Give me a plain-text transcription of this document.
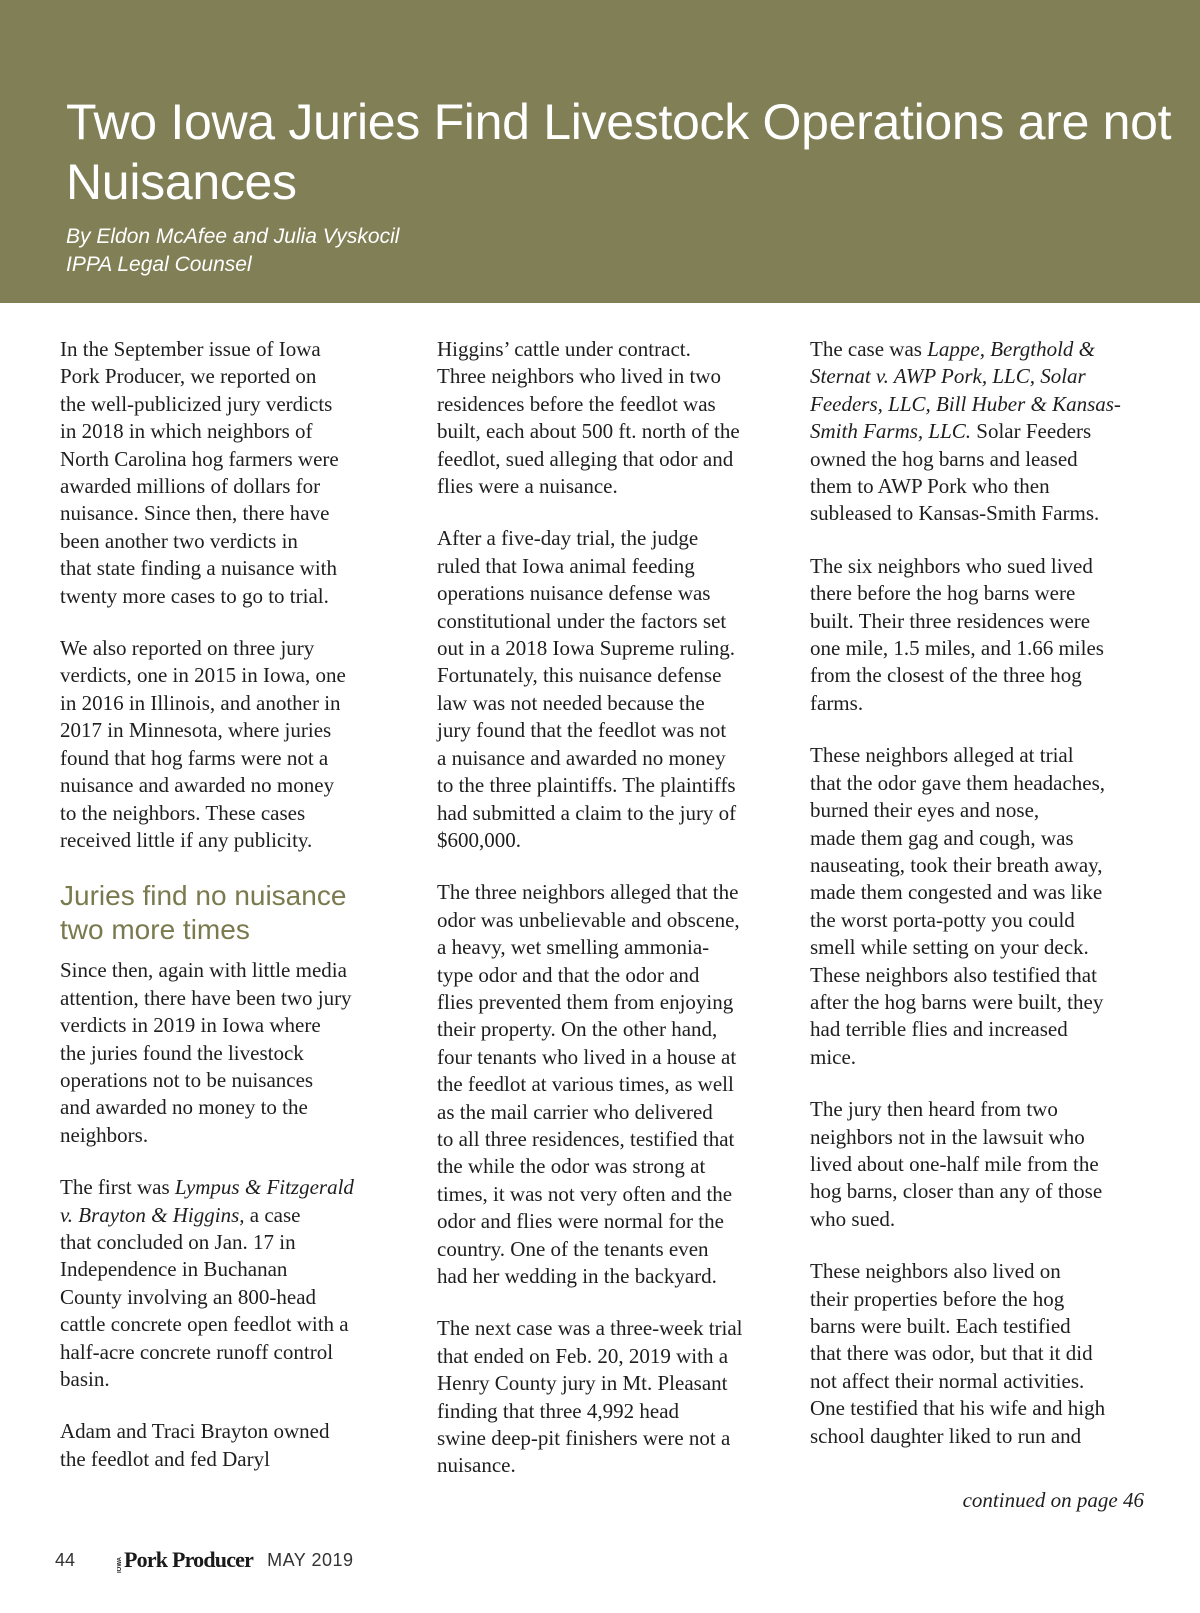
Two Iowa Juries Find Livestock Operations are not Nuisances
By Eldon McAfee and Julia Vyskocil
IPPA Legal Counsel

In the September issue of Iowa
Pork Producer, we reported on
the well-publicized jury verdicts
in 2018 in which neighbors of
North Carolina hog farmers were
awarded millions of dollars for
nuisance. Since then, there have
been another two verdicts in
that state finding a nuisance with
twenty more cases to go to trial.

We also reported on three jury
verdicts, one in 2015 in Iowa, one
in 2016 in Illinois, and another in
2017 in Minnesota, where juries
found that hog farms were not a
nuisance and awarded no money
to the neighbors. These cases
received little if any publicity.

Juries find no nuisance
two more times

Since then, again with little media
attention, there have been two jury
verdicts in 2019 in Iowa where
the juries found the livestock
operations not to be nuisances
and awarded no money to the
neighbors.

The first was Lympus & Fitzgerald
v. Brayton & Higgins, a case
that concluded on Jan. 17 in
Independence in Buchanan
County involving an 800-head
cattle concrete open feedlot with a
half-acre concrete runoff control
basin.

Adam and Traci Brayton owned
the feedlot and fed Daryl

Higgins’ cattle under contract.
Three neighbors who lived in two
residences before the feedlot was
built, each about 500 ft. north of the
feedlot, sued alleging that odor and
flies were a nuisance.

After a five-day trial, the judge
ruled that Iowa animal feeding
operations nuisance defense was
constitutional under the factors set
out in a 2018 Iowa Supreme ruling.
Fortunately, this nuisance defense
law was not needed because the
jury found that the feedlot was not
a nuisance and awarded no money
to the three plaintiffs. The plaintiffs
had submitted a claim to the jury of
$600,000.

The three neighbors alleged that the
odor was unbelievable and obscene,
a heavy, wet smelling ammonia-
type odor and that the odor and
flies prevented them from enjoying
their property. On the other hand,
four tenants who lived in a house at
the feedlot at various times, as well
as the mail carrier who delivered
to all three residences, testified that
the while the odor was strong at
times, it was not very often and the
odor and flies were normal for the
country. One of the tenants even
had her wedding in the backyard.

The next case was a three-week trial
that ended on Feb. 20, 2019 with a
Henry County jury in Mt. Pleasant
finding that three 4,992 head
swine deep-pit finishers were not a
nuisance.

The case was Lappe, Bergthold &
Sternat v. AWP Pork, LLC, Solar
Feeders, LLC, Bill Huber & Kansas-
Smith Farms, LLC. Solar Feeders
owned the hog barns and leased
them to AWP Pork who then
subleased to Kansas-Smith Farms.

The six neighbors who sued lived
there before the hog barns were
built. Their three residences were
one mile, 1.5 miles, and 1.66 miles
from the closest of the three hog
farms.

These neighbors alleged at trial
that the odor gave them headaches,
burned their eyes and nose,
made them gag and cough, was
nauseating, took their breath away,
made them congested and was like
the worst porta-potty you could
smell while setting on your deck.
These neighbors also testified that
after the hog barns were built, they
had terrible flies and increased
mice.

The jury then heard from two
neighbors not in the lawsuit who
lived about one-half mile from the
hog barns, closer than any of those
who sued.

These neighbors also lived on
their properties before the hog
barns were built. Each testified
that there was odor, but that it did
not affect their normal activities.
One testified that his wife and high
school daughter liked to run and

continued on page 46
44	IOWA Pork Producer MAY 2019
